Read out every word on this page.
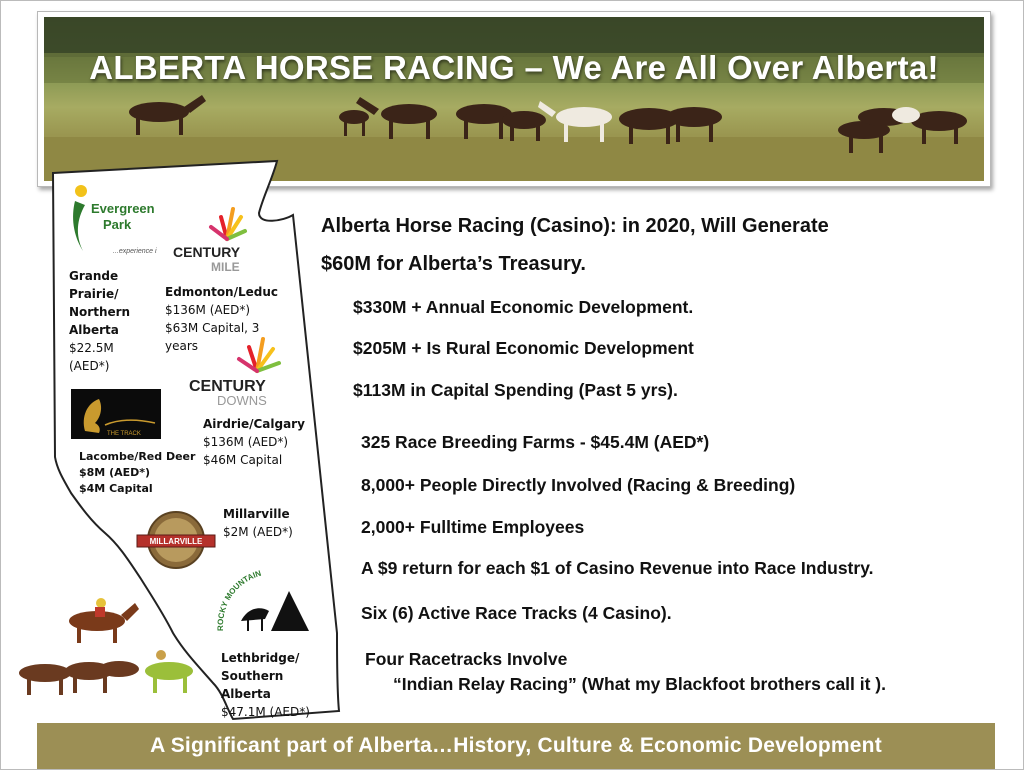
ALBERTA HORSE RACING – We Are All Over Alberta!
Evergreen
Park
...experience it
Grande Prairie/ Northern Alberta
$22.5M
(AED*)
CENTURY
MILE
Edmonton/Leduc
$136M (AED*)
$63M Capital, 3
years
CENTURY
DOWNS
Airdrie/Calgary
$136M (AED*)
$46M Capital
THE TRACK
Lacombe/Red Deer
$8M (AED*)
$4M Capital
MILLARVILLE
Millarville
$2M (AED*)
ROCKY MOUNTAIN
Lethbridge/ Southern Alberta
$47.1M (AED*)
Alberta Horse Racing (Casino): in 2020, Will Generate
$60M for Alberta’s Treasury.
$330M + Annual Economic Development.
$205M + Is Rural Economic Development
$113M in Capital Spending (Past 5 yrs).
325 Race Breeding Farms - $45.4M (AED*)
8,000+ People Directly Involved (Racing & Breeding)
2,000+ Fulltime Employees
A $9 return for each $1 of Casino Revenue into Race Industry.
Six (6) Active Race Tracks (4 Casino).
Four Racetracks Involve
“Indian Relay Racing” (What my Blackfoot brothers call it ).
A Significant part of Alberta…History, Culture & Economic Development
